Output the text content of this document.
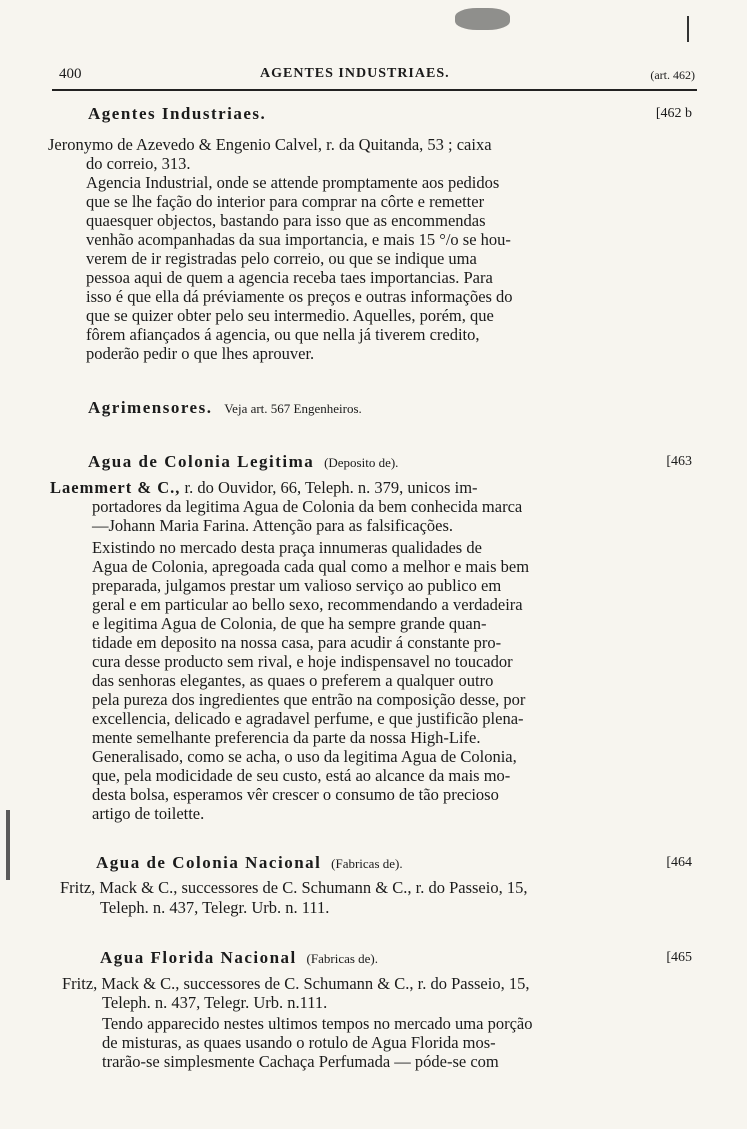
400	AGENTES INDUSTRIAES.	(art. 462)
Agentes Industriaes.	[462 b
Jeronymo de Azevedo & Engenio Calvel, r. da Quitanda, 53 ; caixa
do correio, 313.
Agencia Industrial, onde se attende promptamente aos pedidos
que se lhe fação do interior para comprar na côrte e remetter
quaesquer objectos, bastando para isso que as encommendas
venhão acompanhadas da sua importancia, e mais 15 °/o se hou-
verem de ir registradas pelo correio, ou que se indique uma
pessoa aqui de quem a agencia receba taes importancias. Para
isso é que ella dá préviamente os preços e outras informações do
que se quizer obter pelo seu intermedio. Aquelles, porém, que
fôrem afiançados á agencia, ou que nella já tiverem credito,
poderão pedir o que lhes aprouver.
Agrimensores. Veja art. 567 Engenheiros.
Agua de Colonia Legitima (Deposito de).	[463
Laemmert & C., r. do Ouvidor, 66, Teleph. n. 379, unicos im-
portadores da legitima Agua de Colonia da bem conhecida marca
—Johann Maria Farina. Attenção para as falsificações.
Existindo no mercado desta praça innumeras qualidades de
Agua de Colonia, apregoada cada qual como a melhor e mais bem
preparada, julgamos prestar um valioso serviço ao publico em
geral e em particular ao bello sexo, recommendando a verdadeira
e legitima Agua de Colonia, de que ha sempre grande quan-
tidade em deposito na nossa casa, para acudir á constante pro-
cura desse producto sem rival, e hoje indispensavel no toucador
das senhoras elegantes, as quaes o preferem a qualquer outro
pela pureza dos ingredientes que entrão na composição desse, por
excellencia, delicado e agradavel perfume, e que justificão plena-
mente semelhante preferencia da parte da nossa High-Life.
Generalisado, como se acha, o uso da legitima Agua de Colonia,
que, pela modicidade de seu custo, está ao alcance da mais mo-
desta bolsa, esperamos vêr crescer o consumo de tão precioso
artigo de toilette.
Agua de Colonia Nacional (Fabricas de).	[464
Fritz, Mack & C., successores de C. Schumann & C., r. do Passeio, 15,
Teleph. n. 437, Telegr. Urb. n. 111.
Agua Florida Nacional (Fabricas de).	[465
Fritz, Mack & C., successores de C. Schumann & C., r. do Passeio, 15,
Teleph. n. 437, Telegr. Urb. n.111.
Tendo apparecido nestes ultimos tempos no mercado uma porção
de misturas, as quaes usando o rotulo de Agua Florida mos-
trarão-se simplesmente Cachaça Perfumada — póde-se com
